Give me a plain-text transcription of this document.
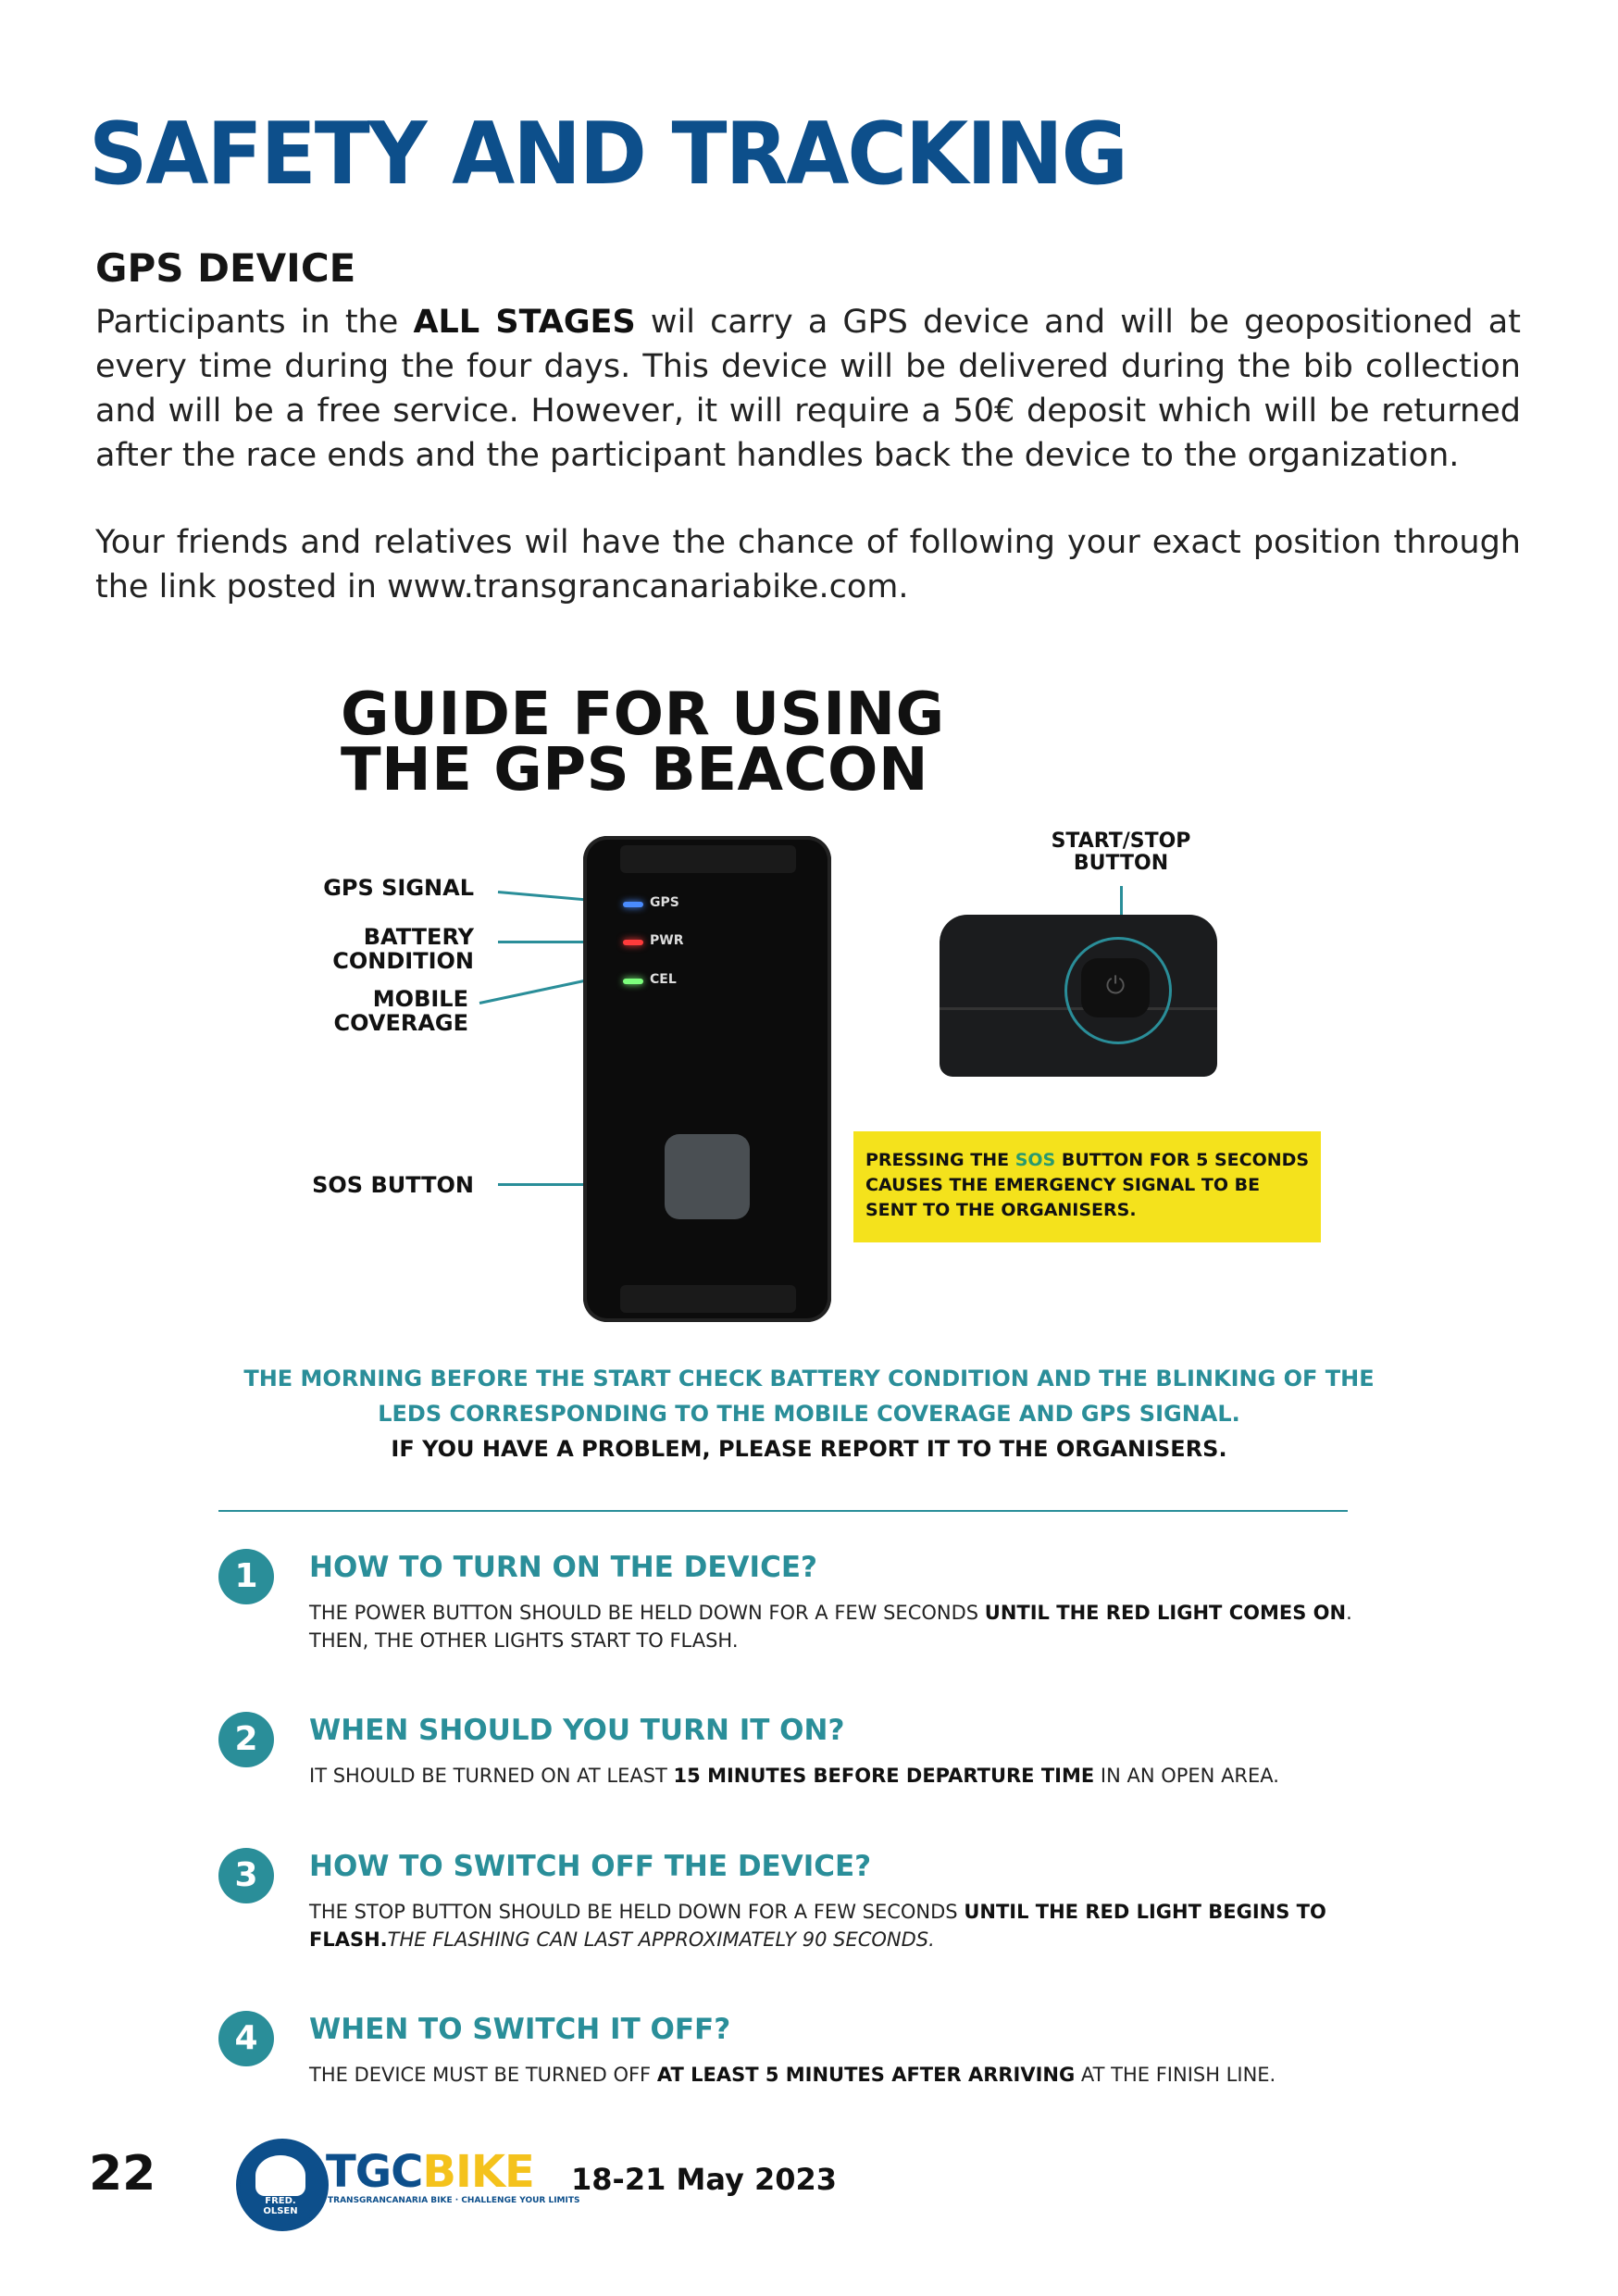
SAFETY AND TRACKING
GPS DEVICE
Participants in the ALL STAGES wil carry a GPS device and will be geopositioned at every time during the four days. This device will be delivered during the bib collection and will be a free service. However, it will require a 50€ deposit which will be returned after the race ends and the participant handles back the device to the organization.
Your friends and relatives wil have the chance of following your exact position through the link posted in www.transgrancanariabike.com.
GUIDE FOR USING
THE GPS BEACON
GPS SIGNAL
BATTERY
CONDITION
MOBILE
COVERAGE
SOS BUTTON
GPS
PWR
CEL
START/STOP
BUTTON
⏻
PRESSING THE SOS BUTTON FOR 5 SECONDS CAUSES THE EMERGENCY SIGNAL TO BE SENT TO THE ORGANISERS.
THE MORNING BEFORE THE START CHECK BATTERY CONDITION AND THE BLINKING OF THE
LEDS CORRESPONDING TO THE MOBILE COVERAGE AND GPS SIGNAL.
IF YOU HAVE A PROBLEM, PLEASE REPORT IT TO THE ORGANISERS.
1	HOW TO TURN ON THE DEVICE?
THE POWER BUTTON SHOULD BE HELD DOWN FOR A FEW SECONDS UNTIL THE RED LIGHT COMES ON. THEN, THE OTHER LIGHTS START TO FLASH.
2	WHEN SHOULD YOU TURN IT ON?
IT SHOULD BE TURNED ON AT LEAST 15 MINUTES BEFORE DEPARTURE TIME IN AN OPEN AREA.
3	HOW TO SWITCH OFF THE DEVICE?
THE STOP BUTTON SHOULD BE HELD DOWN FOR A FEW SECONDS UNTIL THE RED LIGHT BEGINS TO FLASH.THE FLASHING CAN LAST APPROXIMATELY 90 SECONDS.
4	WHEN TO SWITCH IT OFF?
THE DEVICE MUST BE TURNED OFF AT LEAST 5 MINUTES AFTER ARRIVING AT THE FINISH LINE.
22	FRED. OLSEN
TGCBIKE
TRANSGRANCANARIA BIKE · CHALLENGE YOUR LIMITS
18-21 May 2023
